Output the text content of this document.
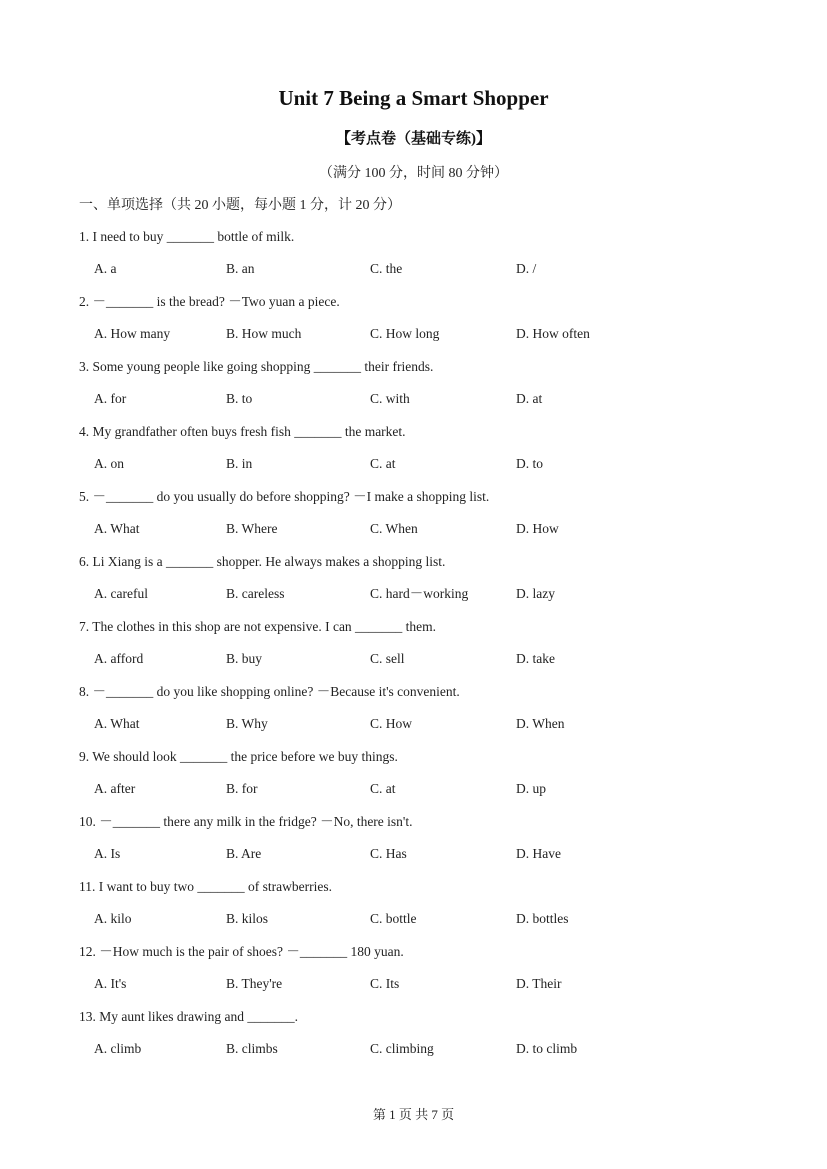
Unit 7 Being a Smart Shopper
【考点卷（基础专练)】
（满分 100 分，时间 80 分钟）
一、单项选择（共 20 小题，每小题 1 分，计 20 分）
1. I need to buy _______ bottle of milk.
A. a	B. an	C. the	D. /
2. －_______ is the bread? －Two yuan a piece.
A. How many	B. How much	C. How long	D. How often
3. Some young people like going shopping _______ their friends.
A. for	B. to	C. with	D. at
4. My grandfather often buys fresh fish _______ the market.
A. on	B. in	C. at	D. to
5. －_______ do you usually do before shopping? －I make a shopping list.
A. What	B. Where	C. When	D. How
6. Li Xiang is a _______ shopper. He always makes a shopping list.
A. careful	B. careless	C. hard－working	D. lazy
7. The clothes in this shop are not expensive. I can _______ them.
A. afford	B. buy	C. sell	D. take
8. －_______ do you like shopping online? －Because it's convenient.
A. What	B. Why	C. How	D. When
9. We should look _______ the price before we buy things.
A. after	B. for	C. at	D. up
10. －_______ there any milk in the fridge? －No, there isn't.
A. Is	B. Are	C. Has	D. Have
11. I want to buy two _______ of strawberries.
A. kilo	B. kilos	C. bottle	D. bottles
12. －How much is the pair of shoes? －_______ 180 yuan.
A. It's	B. They're	C. Its	D. Their
13. My aunt likes drawing and _______.
A. climb	B. climbs	C. climbing	D. to climb
第 1 页 共 7 页
